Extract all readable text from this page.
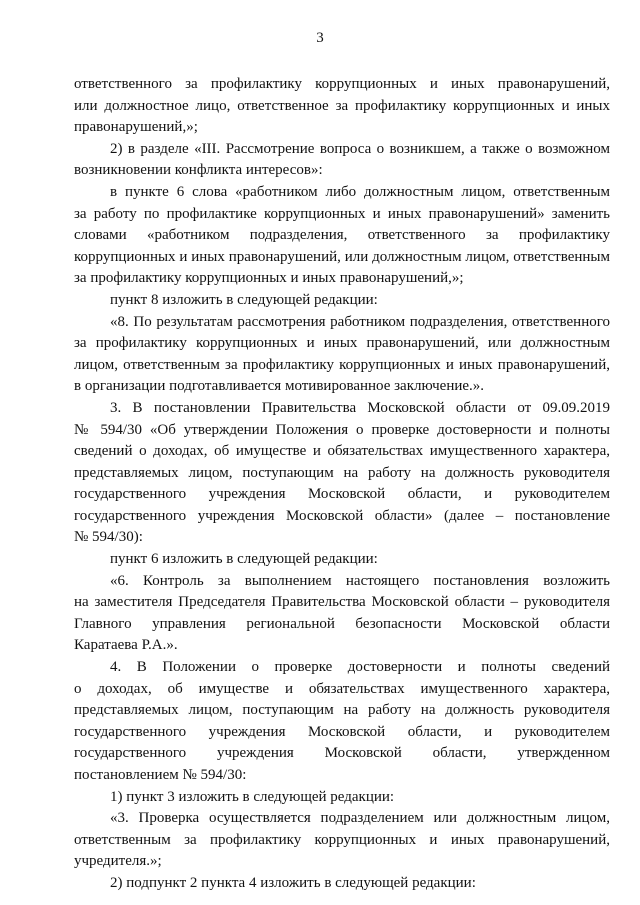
3
ответственного за профилактику коррупционных и иных правонарушений,
или должностное лицо, ответственное за профилактику коррупционных и иных
правонарушений,»;
2) в разделе «III. Рассмотрение вопроса о возникшем, а также о возможном
возникновении конфликта интересов»:
в пункте 6 слова «работником либо должностным лицом, ответственным
за работу по профилактике коррупционных и иных правонарушений» заменить
словами «работником подразделения, ответственного за профилактику
коррупционных и иных правонарушений, или должностным лицом, ответственным
за профилактику коррупционных и иных правонарушений,»;
пункт 8 изложить в следующей редакции:
«8. По результатам рассмотрения работником подразделения, ответственного
за профилактику коррупционных и иных правонарушений, или должностным
лицом, ответственным за профилактику коррупционных и иных правонарушений,
в организации подготавливается мотивированное заключение.».
3. В постановлении Правительства Московской области от 09.09.2019
№ 594/30 «Об утверждении Положения о проверке достоверности и полноты
сведений о доходах, об имуществе и обязательствах имущественного характера,
представляемых лицом, поступающим на работу на должность руководителя
государственного учреждения Московской области, и руководителем
государственного учреждения Московской области» (далее – постановление
№ 594/30):
пункт 6 изложить в следующей редакции:
«6. Контроль за выполнением настоящего постановления возложить
на заместителя Председателя Правительства Московской области – руководителя
Главного управления региональной безопасности Московской области
Каратаева Р.А.».
4. В Положении о проверке достоверности и полноты сведений
о доходах, об имуществе и обязательствах имущественного характера,
представляемых лицом, поступающим на работу на должность руководителя
государственного учреждения Московской области, и руководителем
государственного учреждения Московской области, утвержденном
постановлением № 594/30:
1) пункт 3 изложить в следующей редакции:
«3. Проверка осуществляется подразделением или должностным лицом,
ответственным за профилактику коррупционных и иных правонарушений,
учредителя.»;
2) подпункт 2 пункта 4 изложить в следующей редакции:
